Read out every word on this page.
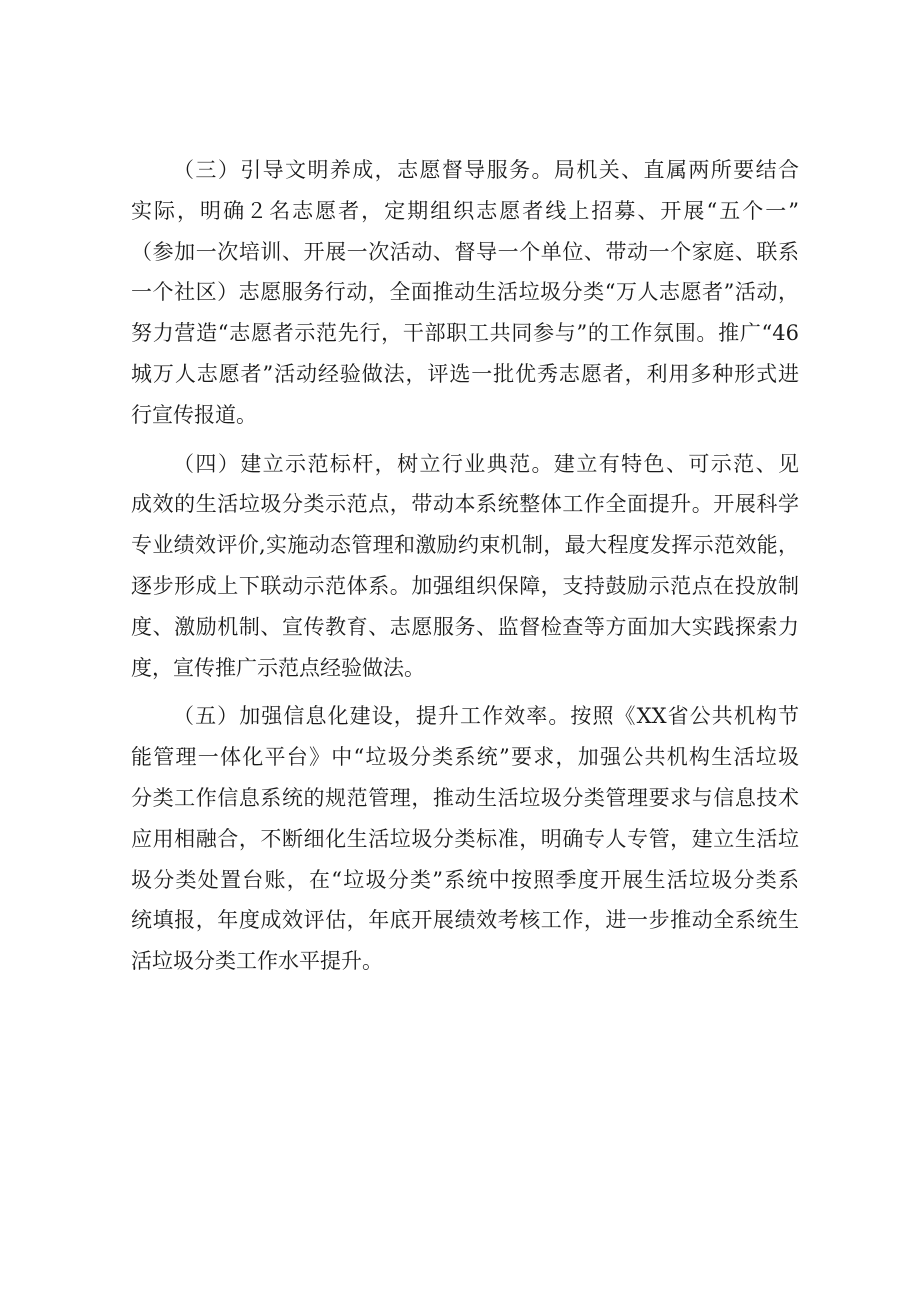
（三）引导文明养成，志愿督导服务。局机关、直属两所要结合
实际，明确２名志愿者，定期组织志愿者线上招募、开展“五个一”
（参加一次培训、开展一次活动、督导一个单位、带动一个家庭、联系
一个社区）志愿服务行动，全面推动生活垃圾分类“万人志愿者”活动，
努力营造“志愿者示范先行，干部职工共同参与”的工作氛围。推广“46
城万人志愿者”活动经验做法，评选一批优秀志愿者，利用多种形式进
行宣传报道。
（四）建立示范标杆，树立行业典范。建立有特色、可示范、见
成效的生活垃圾分类示范点，带动本系统整体工作全面提升。开展科学
专业绩效评价,实施动态管理和激励约束机制，最大程度发挥示范效能，
逐步形成上下联动示范体系。加强组织保障，支持鼓励示范点在投放制
度、激励机制、宣传教育、志愿服务、监督检查等方面加大实践探索力
度，宣传推广示范点经验做法。
（五）加强信息化建设，提升工作效率。按照《XX省公共机构节
能管理一体化平台》中“垃圾分类系统”要求，加强公共机构生活垃圾
分类工作信息系统的规范管理，推动生活垃圾分类管理要求与信息技术
应用相融合，不断细化生活垃圾分类标准，明确专人专管，建立生活垃
圾分类处置台账，在“垃圾分类”系统中按照季度开展生活垃圾分类系
统填报，年度成效评估，年底开展绩效考核工作，进一步推动全系统生
活垃圾分类工作水平提升。
